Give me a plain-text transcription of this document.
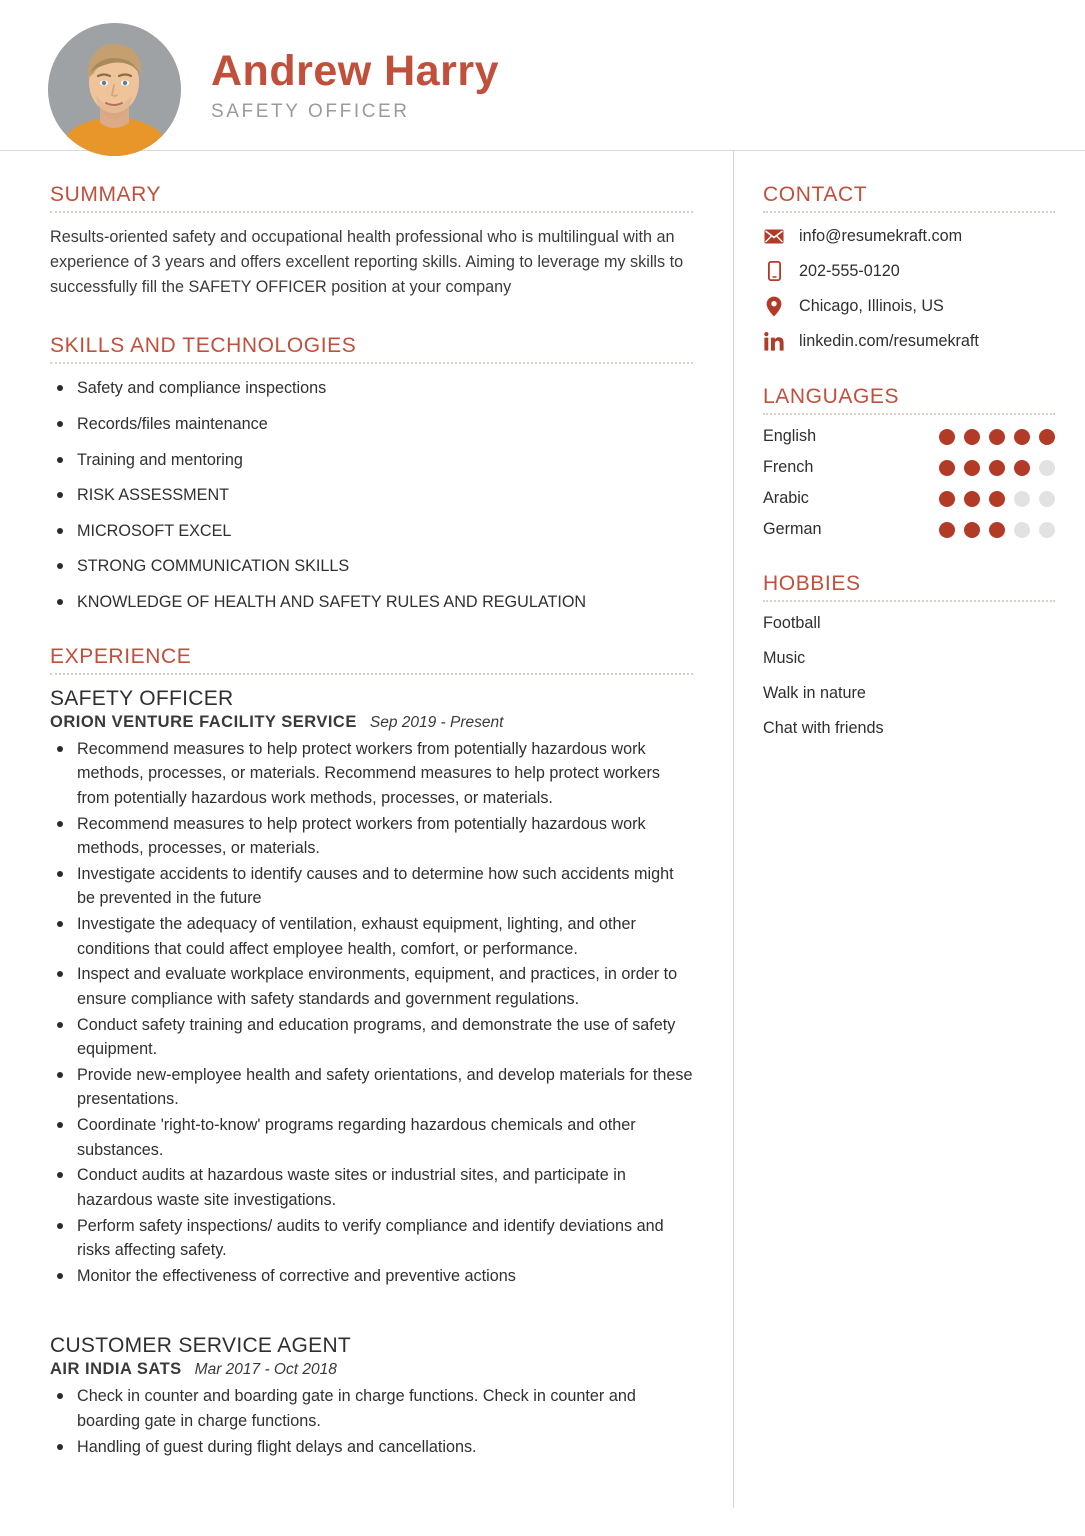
Andrew Harry
SAFETY OFFICER
SUMMARY

Results-oriented safety and occupational health professional who is multilingual with an experience of 3 years and offers excellent reporting skills. Aiming to leverage my skills to successfully fill the SAFETY OFFICER position at your company

SKILLS AND TECHNOLOGIES
Safety and compliance inspections
Records/files maintenance
Training and mentoring
RISK ASSESSMENT
MICROSOFT EXCEL
STRONG COMMUNICATION SKILLS
KNOWLEDGE OF HEALTH AND SAFETY RULES AND REGULATION
EXPERIENCE
SAFETY OFFICER
ORION VENTURE FACILITY SERVICE Sep 2019 - Present
Recommend measures to help protect workers from potentially hazardous work methods, processes, or materials. Recommend measures to help protect workers from potentially hazardous work methods, processes, or materials.
Recommend measures to help protect workers from potentially hazardous work methods, processes, or materials.
Investigate accidents to identify causes and to determine how such accidents might be prevented in the future
Investigate the adequacy of ventilation, exhaust equipment, lighting, and other conditions that could affect employee health, comfort, or performance.
Inspect and evaluate workplace environments, equipment, and practices, in order to ensure compliance with safety standards and government regulations.
Conduct safety training and education programs, and demonstrate the use of safety equipment.
Provide new-employee health and safety orientations, and develop materials for these presentations.
Coordinate 'right-to-know' programs regarding hazardous chemicals and other substances.
Conduct audits at hazardous waste sites or industrial sites, and participate in hazardous waste site investigations.
Perform safety inspections/ audits to verify compliance and identify deviations and risks affecting safety.
Monitor the effectiveness of corrective and preventive actions
CUSTOMER SERVICE AGENT
AIR INDIA SATS Mar 2017 - Oct 2018
Check in counter and boarding gate in charge functions. Check in counter and boarding gate in charge functions.
Handling of guest during flight delays and cancellations.
CONTACT
info@resumekraft.com
202-555-0120
Chicago, Illinois, US
linkedin.com/resumekraft
LANGUAGES
English
French
Arabic
German
HOBBIES
Football
Music
Walk in nature
Chat with friends
